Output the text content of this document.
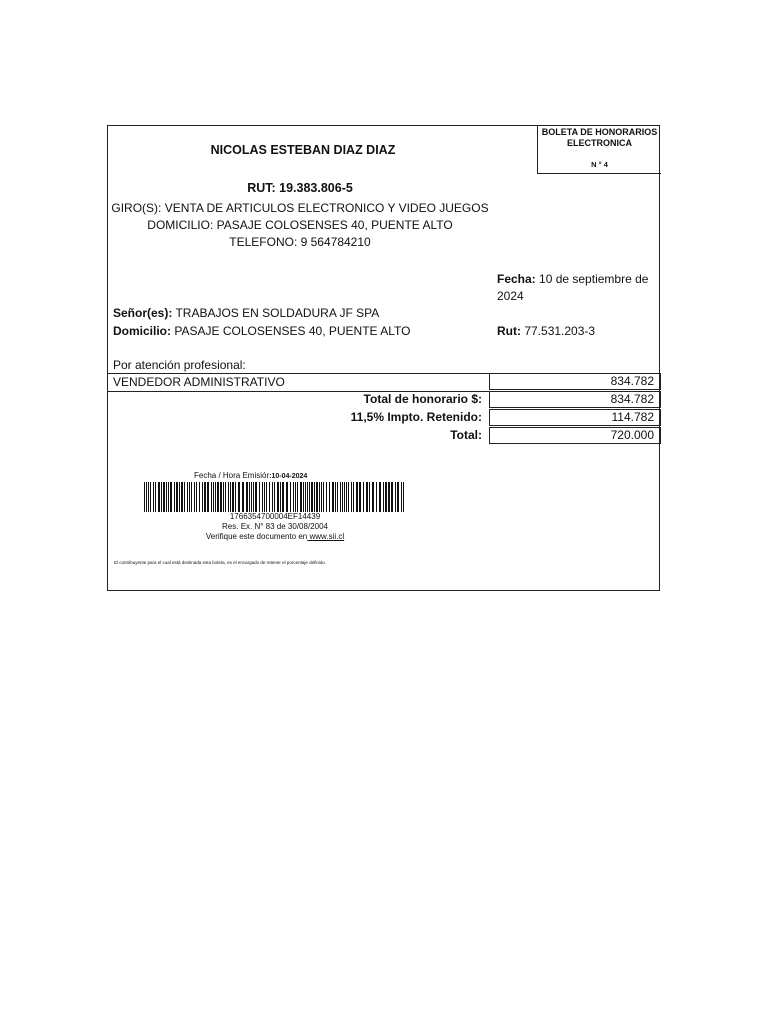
NICOLAS ESTEBAN DIAZ DIAZ
BOLETA DE HONORARIOS
ELECTRONICA
N ° 4
RUT: 19.383.806-5
GIRO(S): VENTA DE ARTICULOS ELECTRONICO Y VIDEO JUEGOS
DOMICILIO: PASAJE COLOSENSES 40, PUENTE ALTO
TELEFONO: 9 564784210
Fecha: 10 de septiembre de 2024
Señor(es): TRABAJOS EN SOLDADURA JF SPA
Domicilio: PASAJE COLOSENSES 40, PUENTE ALTO	Rut: 77.531.203-3
Por atención profesional:
VENDEDOR ADMINISTRATIVO	834.782
Total de honorario $:	834.782
11,5% Impto. Retenido:	114.782
Total:	720.000
Fecha / Hora Emisiór:10-04-2024
1766354700004EF14439
Res. Ex. N° 83 de 30/08/2004
Verifique este documento en www.sii.cl
El contribuyente para el cual está destinada esta boleta, es el encargado de retener el porcentaje definido.
